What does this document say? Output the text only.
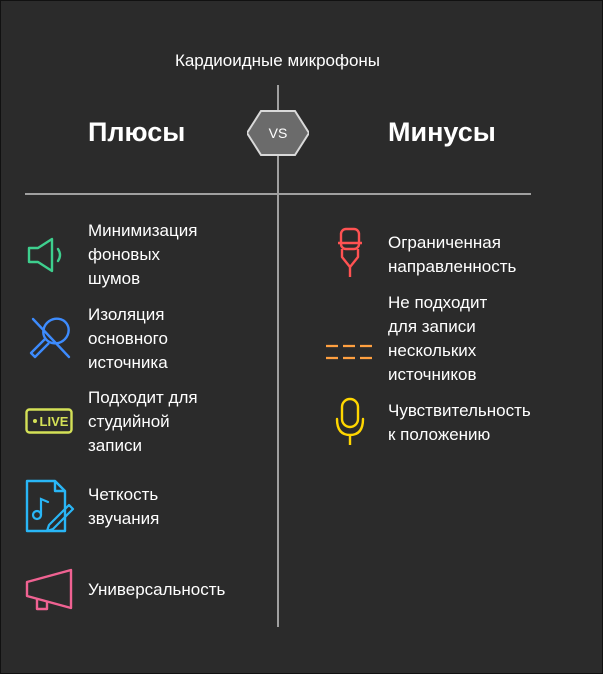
Кардиоидные микрофоны
Плюсы	Минусы
VS
Минимизация
фоновых
шумов
Изоляция
основного
источника
LIVE
Подходит для
студийной
записи
Четкость
звучания
Универсальность
Ограниченная
направленность
Не подходит
для записи
нескольких
источников
Чувствительность
к положению
